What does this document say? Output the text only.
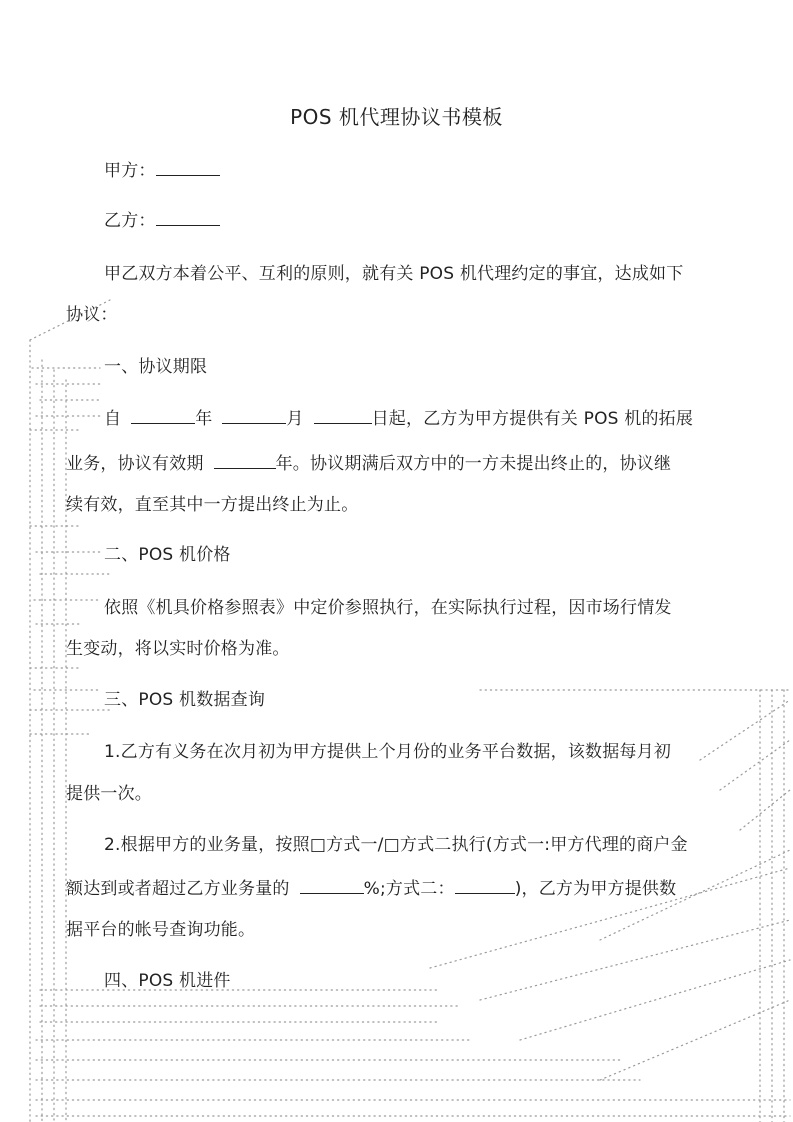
POS 机代理协议书模板
甲方：
乙方：
甲乙双方本着公平、互利的原则，就有关 POS 机代理约定的事宜，达成如下
协议：
一、协议期限
自	年	月	日起，乙方为甲方提供有关 POS 机的拓展
业务，协议有效期	年。协议期满后双方中的一方未提出终止的，协议继
续有效，直至其中一方提出终止为止。
二、POS 机价格
依照《机具价格参照表》中定价参照执行，在实际执行过程，因市场行情发
生变动，将以实时价格为准。
三、POS 机数据查询
1.乙方有义务在次月初为甲方提供上个月份的业务平台数据，该数据每月初
提供一次。
2.根据甲方的业务量，按照□方式一/□方式二执行(方式一:甲方代理的商户金
额达到或者超过乙方业务量的	%;方式二：	)，乙方为甲方提供数
据平台的帐号查询功能。
四、POS 机进件
